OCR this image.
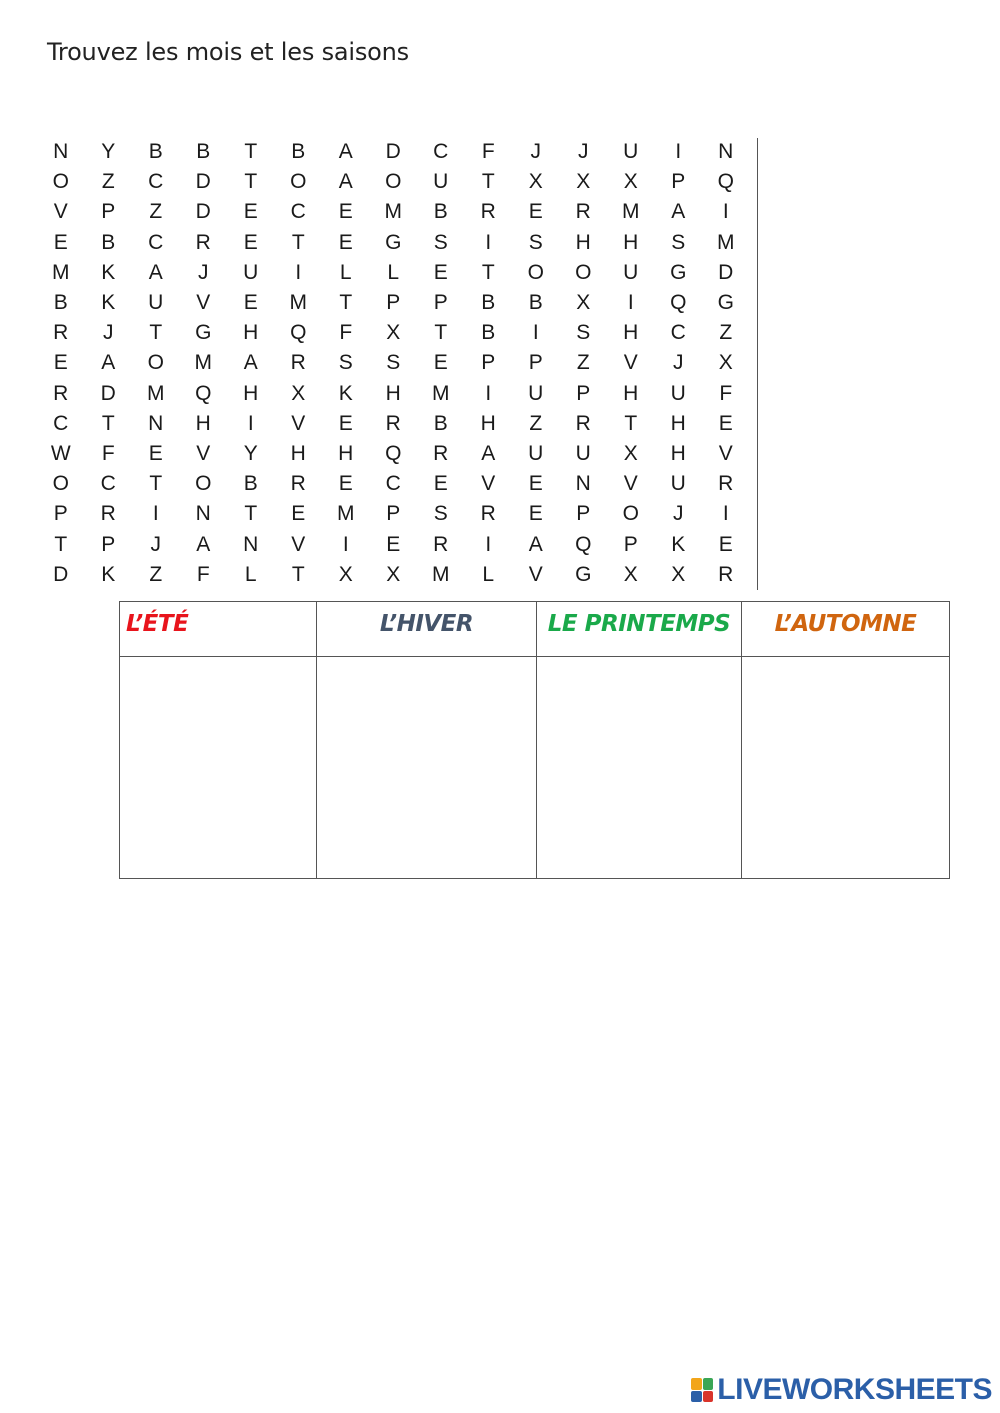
Trouvez les mois et les saisons
N	Y	B	B	T	B	A	D	C	F	J	J	U	I	N
O	Z	C	D	T	O	A	O	U	T	X	X	X	P	Q
V	P	Z	D	E	C	E	M	B	R	E	R	M	A	I
E	B	C	R	E	T	E	G	S	I	S	H	H	S	M
M	K	A	J	U	I	L	L	E	T	O	O	U	G	D
B	K	U	V	E	M	T	P	P	B	B	X	I	Q	G
R	J	T	G	H	Q	F	X	T	B	I	S	H	C	Z
E	A	O	M	A	R	S	S	E	P	P	Z	V	J	X
R	D	M	Q	H	X	K	H	M	I	U	P	H	U	F
C	T	N	H	I	V	E	R	B	H	Z	R	T	H	E
W	F	E	V	Y	H	H	Q	R	A	U	U	X	H	V
O	C	T	O	B	R	E	C	E	V	E	N	V	U	R
P	R	I	N	T	E	M	P	S	R	E	P	O	J	I
T	P	J	A	N	V	I	E	R	I	A	Q	P	K	E
D	K	Z	F	L	T	X	X	M	L	V	G	X	X	R
L’ÉTÉ	L’HIVER	LE PRINTEMPS	L’AUTOMNE

LIVEWORKSHEETS
